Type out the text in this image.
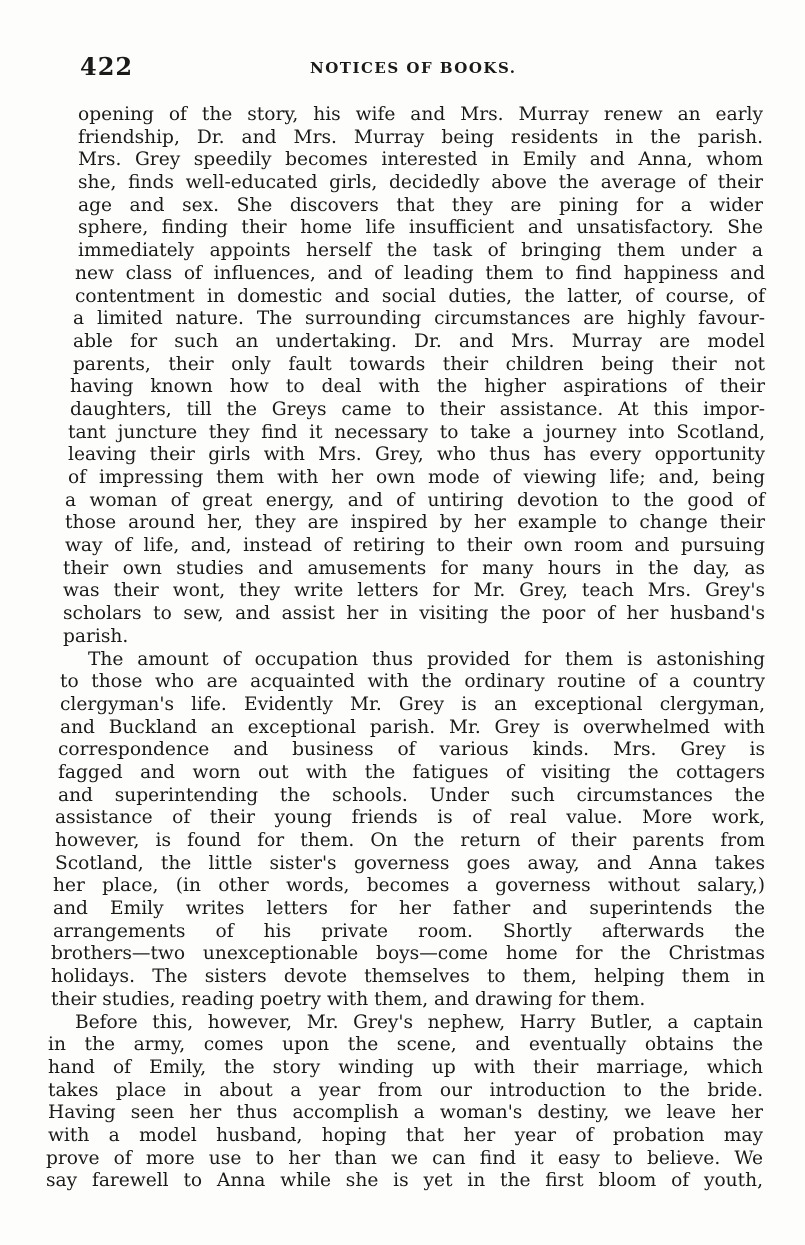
422	NOTICES OF BOOKS.
opening of the story, his wife and Mrs. Murray renew an early
friendship, Dr. and Mrs. Murray being residents in the parish.
Mrs. Grey speedily becomes interested in Emily and Anna, whom
she, finds well-educated girls, decidedly above the average of their
age and sex. She discovers that they are pining for a wider
sphere, finding their home life insufficient and unsatisfactory. She
immediately appoints herself the task of bringing them under a
new class of influences, and of leading them to find happiness and
contentment in domestic and social duties, the latter, of course, of
a limited nature. The surrounding circumstances are highly favour-
able for such an undertaking. Dr. and Mrs. Murray are model
parents, their only fault towards their children being their not
having known how to deal with the higher aspirations of their
daughters, till the Greys came to their assistance. At this impor-
tant juncture they find it necessary to take a journey into Scotland,
leaving their girls with Mrs. Grey, who thus has every opportunity
of impressing them with her own mode of viewing life; and, being
a woman of great energy, and of untiring devotion to the good of
those around her, they are inspired by her example to change their
way of life, and, instead of retiring to their own room and pursuing
their own studies and amusements for many hours in the day, as
was their wont, they write letters for Mr. Grey, teach Mrs. Grey's
scholars to sew, and assist her in visiting the poor of her husband's
parish.
The amount of occupation thus provided for them is astonishing
to those who are acquainted with the ordinary routine of a country
clergyman's life. Evidently Mr. Grey is an exceptional clergyman,
and Buckland an exceptional parish. Mr. Grey is overwhelmed with
correspondence and business of various kinds. Mrs. Grey is
fagged and worn out with the fatigues of visiting the cottagers
and superintending the schools. Under such circumstances the
assistance of their young friends is of real value. More work,
however, is found for them. On the return of their parents from
Scotland, the little sister's governess goes away, and Anna takes
her place, (in other words, becomes a governess without salary,)
and Emily writes letters for her father and superintends the
arrangements of his private room. Shortly afterwards the
brothers—two unexceptionable boys—come home for the Christmas
holidays. The sisters devote themselves to them, helping them in
their studies, reading poetry with them, and drawing for them.
Before this, however, Mr. Grey's nephew, Harry Butler, a captain
in the army, comes upon the scene, and eventually obtains the
hand of Emily, the story winding up with their marriage, which
takes place in about a year from our introduction to the bride.
Having seen her thus accomplish a woman's destiny, we leave her
with a model husband, hoping that her year of probation may
prove of more use to her than we can find it easy to believe. We
say farewell to Anna while she is yet in the first bloom of youth,
